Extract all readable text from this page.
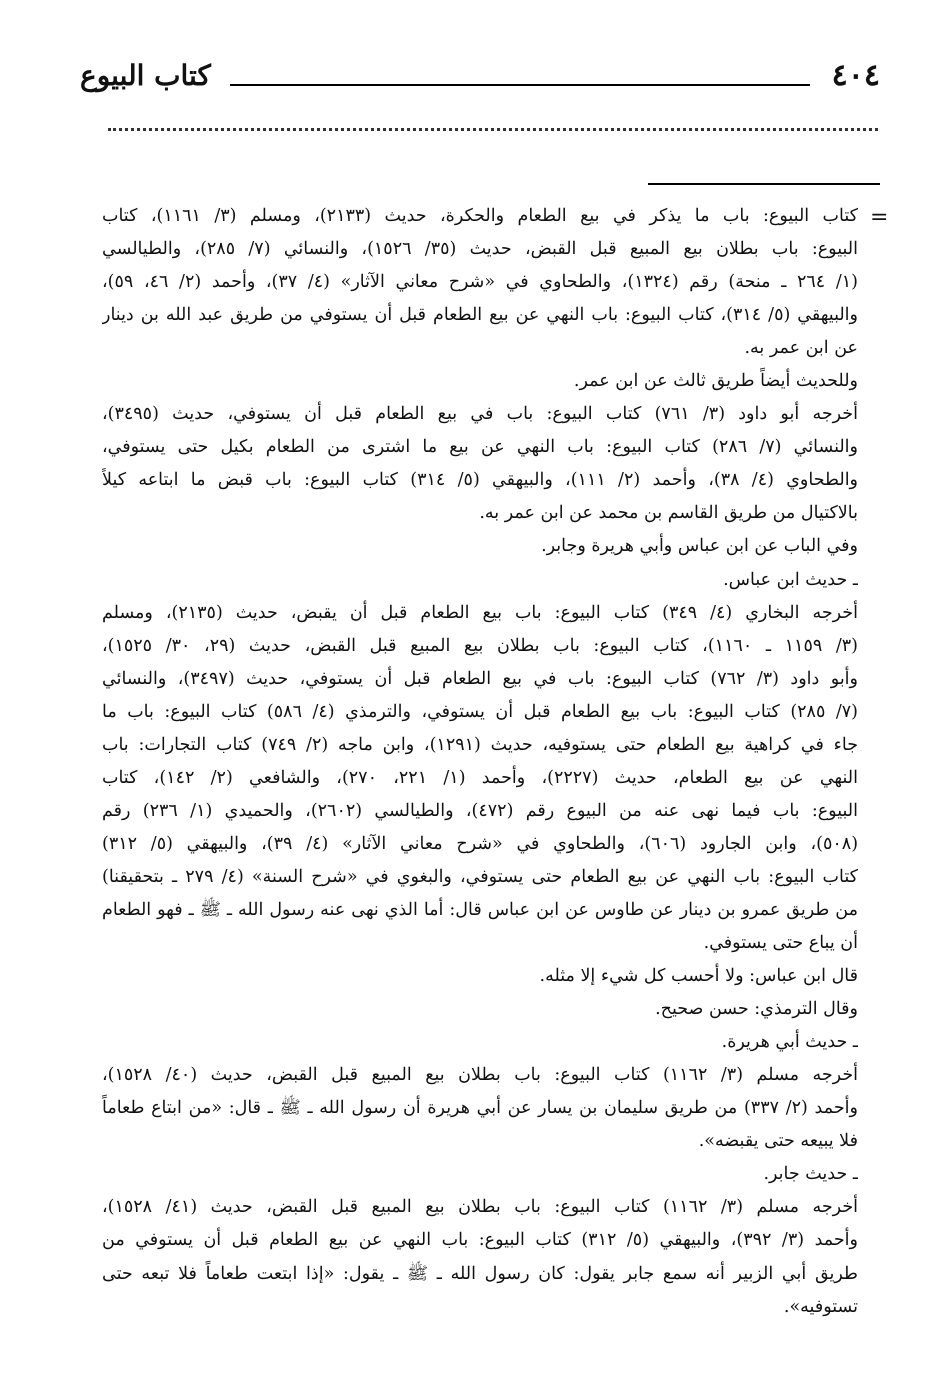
٤٠٤
كتاب البيوع
=
كتاب البيوع: باب ما يذكر في بيع الطعام والحكرة، حديث (٢١٣٣)، ومسلم (٣/ ١١٦١)، كتاب
البيوع: باب بطلان بيع المبيع قبل القبض، حديث (٣٥/ ١٥٢٦)، والنسائي (٧/ ٢٨٥)، والطيالسي
(١/ ٢٦٤ ـ منحة) رقم (١٣٢٤)، والطحاوي في «شرح معاني الآثار» (٤/ ٣٧)، وأحمد (٢/ ٤٦، ٥٩)،
والبيهقي (٥/ ٣١٤)، كتاب البيوع: باب النهي عن بيع الطعام قبل أن يستوفي من طريق عبد الله بن دينار
عن ابن عمر به.
وللحديث أيضاً طريق ثالث عن ابن عمر.
أخرجه أبو داود (٣/ ٧٦١) كتاب البيوع: باب في بيع الطعام قبل أن يستوفي، حديث (٣٤٩٥)،
والنسائي (٧/ ٢٨٦) كتاب البيوع: باب النهي عن بيع ما اشترى من الطعام بكيل حتى يستوفي،
والطحاوي (٤/ ٣٨)، وأحمد (٢/ ١١١)، والبيهقي (٥/ ٣١٤) كتاب البيوع: باب قبض ما ابتاعه كيلاً
بالاكتيال من طريق القاسم بن محمد عن ابن عمر به.
وفي الباب عن ابن عباس وأبي هريرة وجابر.
ـ حديث ابن عباس.
أخرجه البخاري (٤/ ٣٤٩) كتاب البيوع: باب بيع الطعام قبل أن يقبض، حديث (٢١٣٥)، ومسلم
(٣/ ١١٥٩ ـ ١١٦٠)، كتاب البيوع: باب بطلان بيع المبيع قبل القبض، حديث (٢٩، ٣٠/ ١٥٢٥)،
وأبو داود (٣/ ٧٦٢) كتاب البيوع: باب في بيع الطعام قبل أن يستوفي، حديث (٣٤٩٧)، والنسائي
(٧/ ٢٨٥) كتاب البيوع: باب بيع الطعام قبل أن يستوفي، والترمذي (٤/ ٥٨٦) كتاب البيوع: باب ما
جاء في كراهية بيع الطعام حتى يستوفيه، حديث (١٢٩١)، وابن ماجه (٢/ ٧٤٩) كتاب التجارات: باب
النهي عن بيع الطعام، حديث (٢٢٢٧)، وأحمد (١/ ٢٢١، ٢٧٠)، والشافعي (٢/ ١٤٢)، كتاب
البيوع: باب فيما نهى عنه من البيوع رقم (٤٧٢)، والطيالسي (٢٦٠٢)، والحميدي (١/ ٢٣٦) رقم
(٥٠٨)، وابن الجارود (٦٠٦)، والطحاوي في «شرح معاني الآثار» (٤/ ٣٩)، والبيهقي (٥/ ٣١٢)
كتاب البيوع: باب النهي عن بيع الطعام حتى يستوفي، والبغوي في «شرح السنة» (٤/ ٢٧٩ ـ بتحقيقنا)
من طريق عمرو بن دينار عن طاوس عن ابن عباس قال: أما الذي نهى عنه رسول الله ـ ﷺ ـ فهو الطعام
أن يباع حتى يستوفي.
قال ابن عباس: ولا أحسب كل شيء إلا مثله.
وقال الترمذي: حسن صحيح.
ـ حديث أبي هريرة.
أخرجه مسلم (٣/ ١١٦٢) كتاب البيوع: باب بطلان بيع المبيع قبل القبض، حديث (٤٠/ ١٥٢٨)،
وأحمد (٢/ ٣٣٧) من طريق سليمان بن يسار عن أبي هريرة أن رسول الله ـ ﷺ ـ قال: «من ابتاع طعاماً
فلا يبيعه حتى يقبضه».
ـ حديث جابر.
أخرجه مسلم (٣/ ١١٦٢) كتاب البيوع: باب بطلان بيع المبيع قبل القبض، حديث (٤١/ ١٥٢٨)،
وأحمد (٣/ ٣٩٢)، والبيهقي (٥/ ٣١٢) كتاب البيوع: باب النهي عن بيع الطعام قبل أن يستوفي من
طريق أبي الزبير أنه سمع جابر يقول: كان رسول الله ـ ﷺ ـ يقول: «إذا ابتعت طعاماً فلا تبعه حتى
تستوفيه».
